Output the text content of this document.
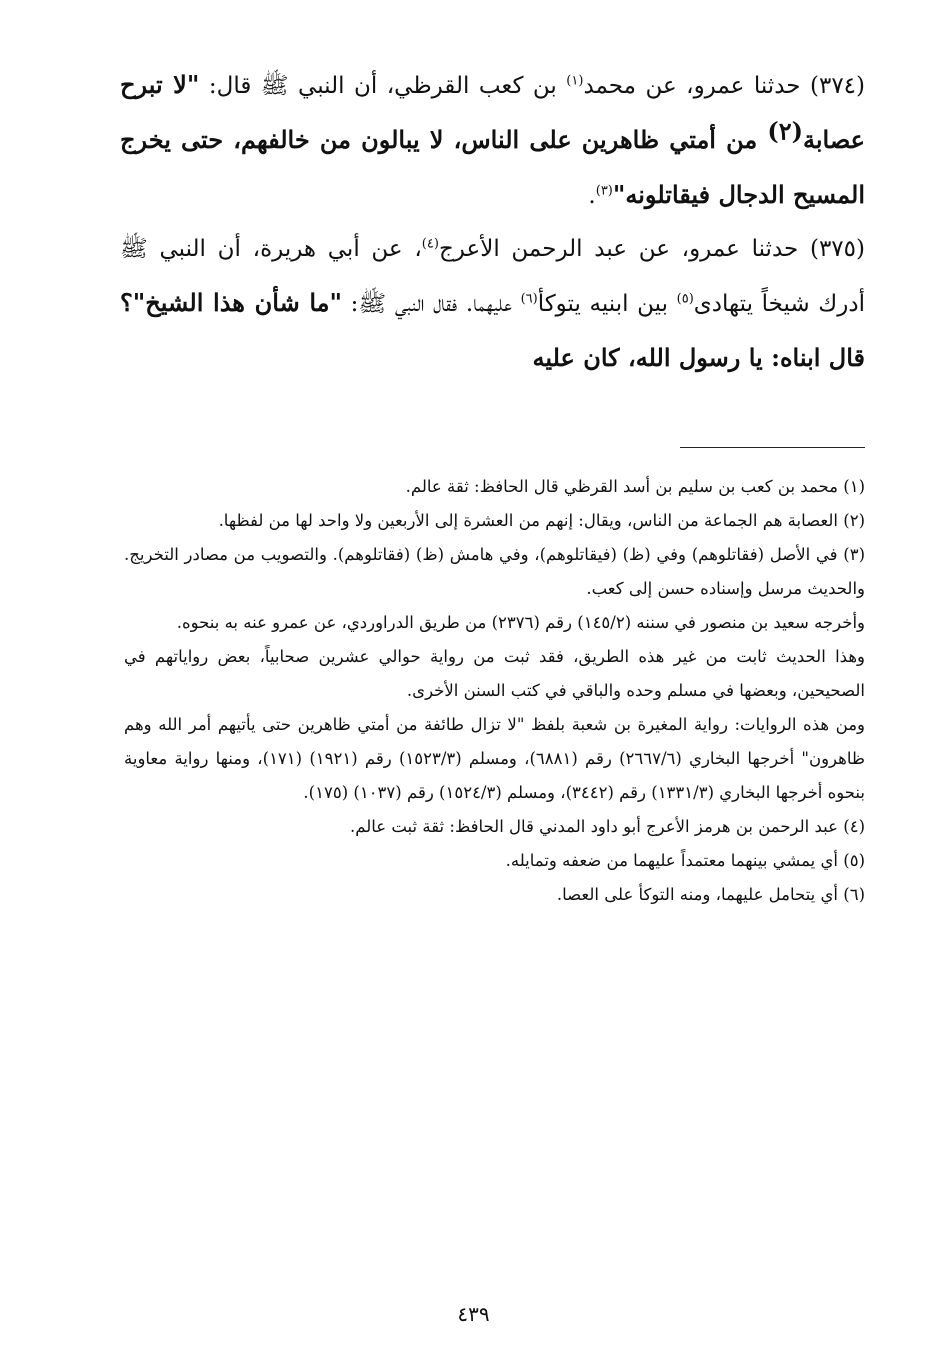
(٣٧٤) حدثنا عمرو، عن محمد$^{(١)}$ بن كعب القرظي، أن النبي ﷺ قال: "لا تبرح عصابة$^{(٢)}$ من أمتي ظاهرين على الناس، لا يبالون من خالفهم، حتى يخرج المسيح الدجال فيقاتلونه"$^{(٣)}$.

(٣٧٥) حدثنا عمرو، عن عبد الرحمن الأعرج$^{(٤)}$، عن أبي هريرة، أن النبي ﷺ أدرك شيخاً يتهادى$^{(٥)}$ بين ابنيه يتوكأ$^{(٦)}$ عليهما. فقال النبي ﷺ: "ما شأن هذا الشيخ"؟ قال ابناه: يا رسول الله، كان عليه

(١) محمد بن كعب بن سليم بن أسد القرظي قال الحافظ: ثقة عالم.

(٢) العصابة هم الجماعة من الناس، ويقال: إنهم من العشرة إلى الأربعين ولا واحد لها من لفظها.

(٣) في الأصل (فقاتلوهم) وفي (ظ) (فيقاتلوهم)، وفي هامش (ظ) (فقاتلوهم). والتصويب من مصادر التخريج. والحديث مرسل وإسناده حسن إلى كعب.

وأخرجه سعيد بن منصور في سننه (١٤٥/٢) رقم (٢٣٧٦) من طريق الدراوردي، عن عمرو عنه به بنحوه.

وهذا الحديث ثابت من غير هذه الطريق، فقد ثبت من رواية حوالي عشرين صحابياً، بعض رواياتهم في الصحيحين، وبعضها في مسلم وحده والباقي في كتب السنن الأخرى.

ومن هذه الروايات: رواية المغيرة بن شعبة بلفظ "لا تزال طائفة من أمتي ظاهرين حتى يأتيهم أمر الله وهم ظاهرون" أخرجها البخاري (٢٦٦٧/٦) رقم (٦٨٨١)، ومسلم (١٥٢٣/٣) رقم (١٩٢١) (١٧١)، ومنها رواية معاوية بنحوه أخرجها البخاري (١٣٣١/٣) رقم (٣٤٤٢)، ومسلم (١٥٢٤/٣) رقم (١٠٣٧) (١٧٥).

(٤) عبد الرحمن بن هرمز الأعرج أبو داود المدني قال الحافظ: ثقة ثبت عالم.

(٥) أي يمشي بينهما معتمداً عليهما من ضعفه وتمايله.

(٦) أي يتحامل عليهما، ومنه التوكأ على العصا.

٤٣٩
